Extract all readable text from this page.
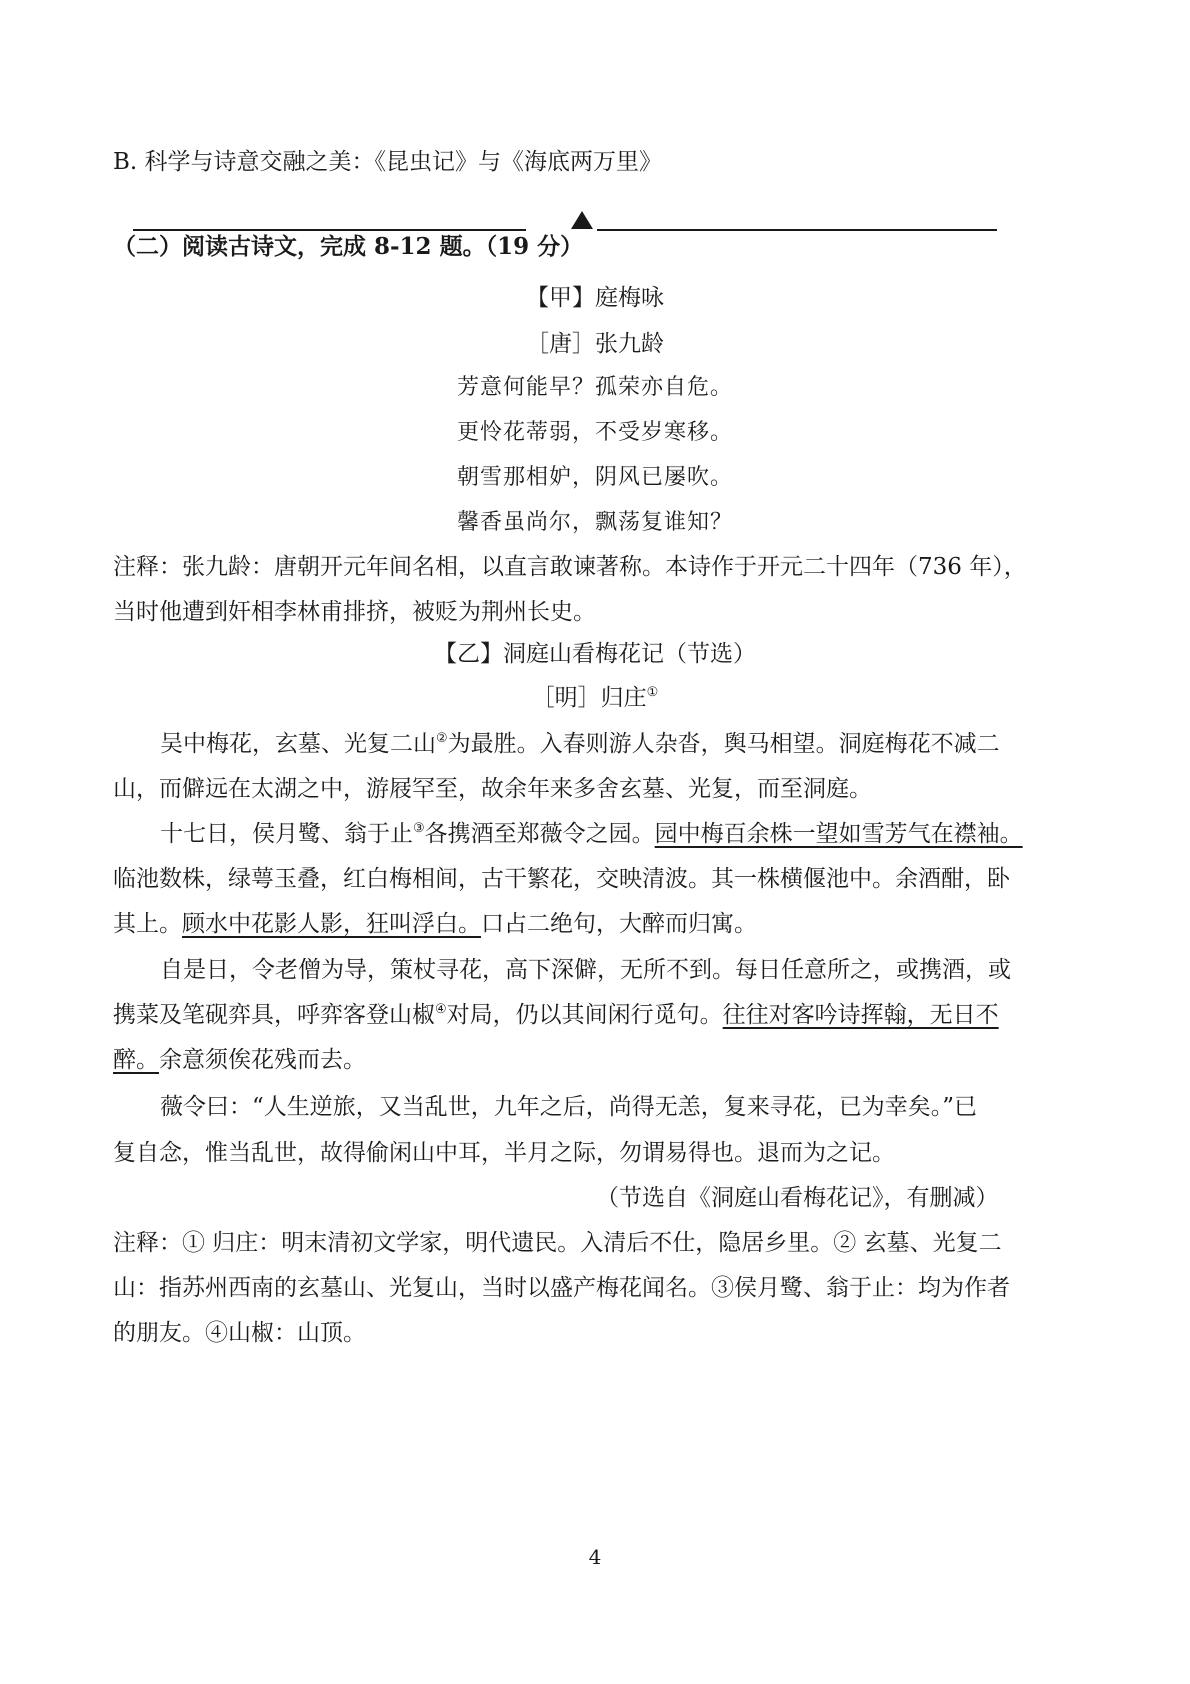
B. 科学与诗意交融之美：《昆虫记》与《海底两万里》
（二）阅读古诗文，完成 8-12 题。（19 分）
【甲】庭梅咏
［唐］张九龄
芳意何能早？孤荣亦自危。
更怜花蒂弱，不受岁寒移。
朝雪那相妒，阴风已屡吹。
馨香虽尚尔，飘荡复谁知？
注释：张九龄：唐朝开元年间名相，以直言敢谏著称。本诗作于开元二十四年（736 年），
当时他遭到奸相李林甫排挤，被贬为荆州长史。
【乙】洞庭山看梅花记（节选）
［明］归庄①
吴中梅花，玄墓、光复二山②为最胜。入春则游人杂沓，舆马相望。洞庭梅花不减二
山，而僻远在太湖之中，游屐罕至，故余年来多舍玄墓、光复，而至洞庭。
十七日，侯月鹭、翁于止③各携酒至郑薇令之园。园中梅百余株一望如雪芳气在襟袖。
临池数株，绿萼玉叠，红白梅相间，古干繁花，交映清波。其一株横偃池中。余酒酣，卧
其上。顾水中花影人影，狂叫浮白。口占二绝句，大醉而归寓。
自是日，令老僧为导，策杖寻花，高下深僻，无所不到。每日任意所之，或携酒，或
携菜及笔砚弈具，呼弈客登山椒④对局，仍以其间闲行觅句。往往对客吟诗挥翰，无日不
醉。余意须俟花残而去。
薇令曰：“人生逆旅，又当乱世，九年之后，尚得无恙，复来寻花，已为幸矣。”已
复自念，惟当乱世，故得偷闲山中耳，半月之际，勿谓易得也。退而为之记。
（节选自《洞庭山看梅花记》，有删减）
注释：① 归庄：明末清初文学家，明代遗民。入清后不仕，隐居乡里。② 玄墓、光复二
山：指苏州西南的玄墓山、光复山，当时以盛产梅花闻名。③侯月鹭、翁于止：均为作者
的朋友。④山椒：山顶。
4
